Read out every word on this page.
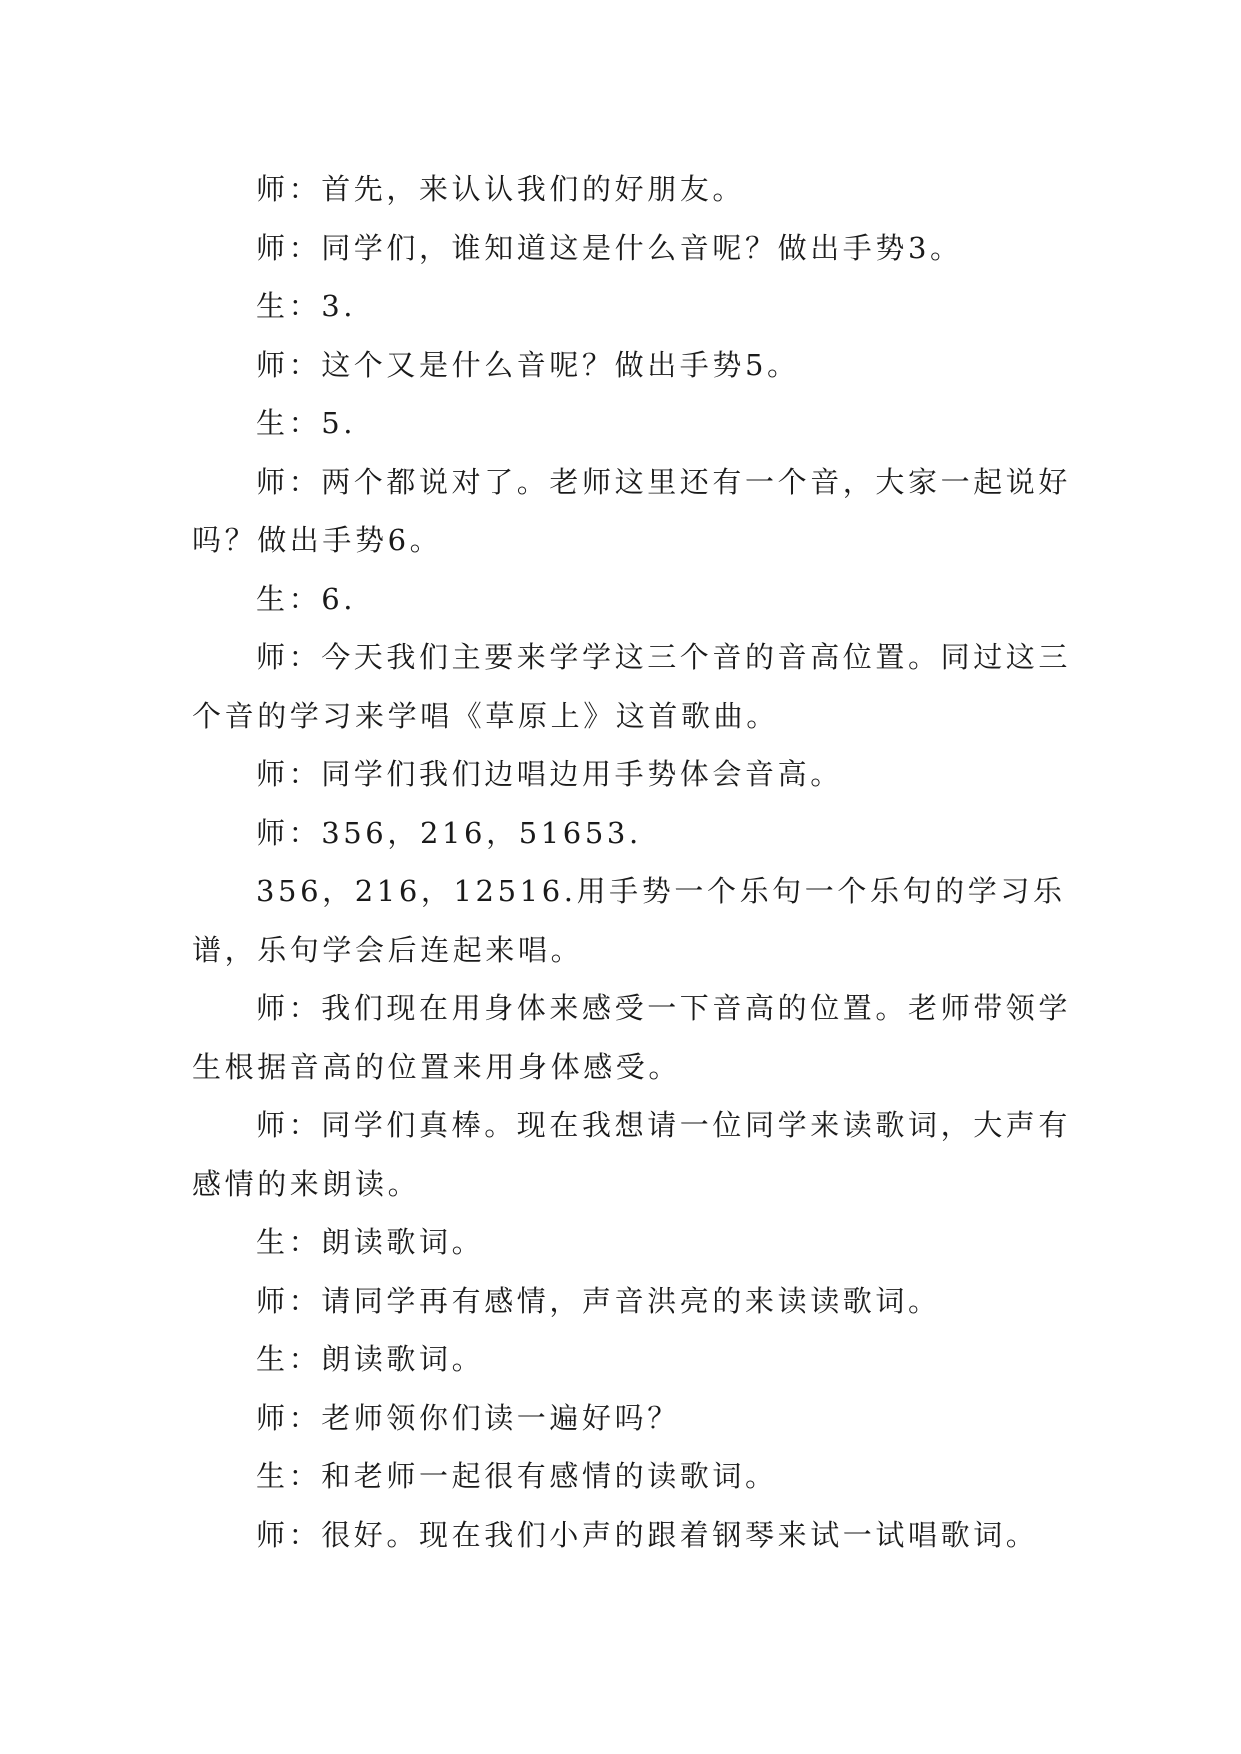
师：首先，来认认我们的好朋友。

师：同学们，谁知道这是什么音呢？做出手势3。

生：3.

师：这个又是什么音呢？做出手势5。

生：5.

师：两个都说对了。老师这里还有一个音，大家一起说好吗？做出手势6。

生：6.

师：今天我们主要来学学这三个音的音高位置。同过这三个音的学习来学唱《草原上》这首歌曲。

师：同学们我们边唱边用手势体会音高。

师：356，216，51653.

356，216，12516.用手势一个乐句一个乐句的学习乐谱，乐句学会后连起来唱。

师：我们现在用身体来感受一下音高的位置。老师带领学生根据音高的位置来用身体感受。

师：同学们真棒。现在我想请一位同学来读歌词，大声有感情的来朗读。

生：朗读歌词。

师：请同学再有感情，声音洪亮的来读读歌词。

生：朗读歌词。

师：老师领你们读一遍好吗？

生：和老师一起很有感情的读歌词。

师：很好。现在我们小声的跟着钢琴来试一试唱歌词。
